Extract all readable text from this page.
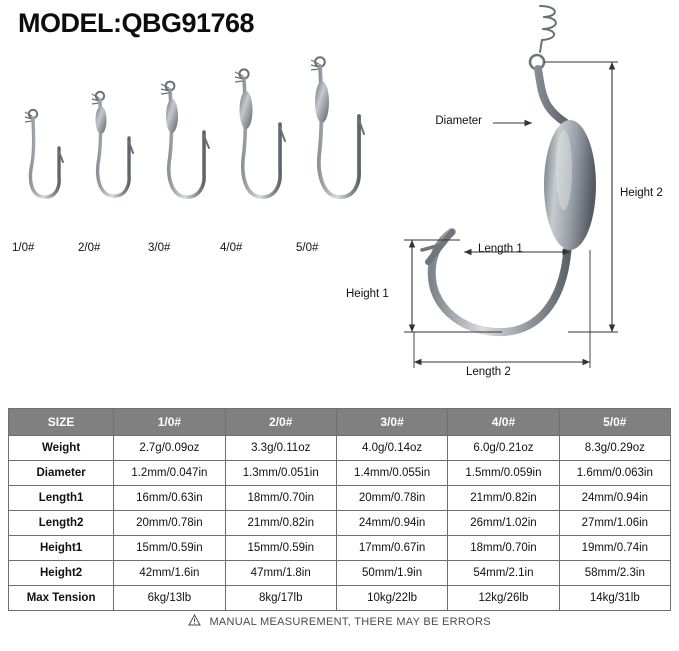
MODEL:QBG91768
1/0#	2/0#	3/0#	4/0#	5/0#
Diameter
Height 2
Height 1
Length 1
Length 2
SIZE	1/0#	2/0#	3/0#	4/0#	5/0#
Weight	2.7g/0.09oz	3.3g/0.11oz	4.0g/0.14oz	6.0g/0.21oz	8.3g/0.29oz
Diameter	1.2mm/0.047in	1.3mm/0.051in	1.4mm/0.055in	1.5mm/0.059in	1.6mm/0.063in
Length1	16mm/0.63in	18mm/0.70in	20mm/0.78in	21mm/0.82in	24mm/0.94in
Length2	20mm/0.78in	21mm/0.82in	24mm/0.94in	26mm/1.02in	27mm/1.06in
Height1	15mm/0.59in	15mm/0.59in	17mm/0.67in	18mm/0.70in	19mm/0.74in
Height2	42mm/1.6in	47mm/1.8in	50mm/1.9in	54mm/2.1in	58mm/2.3in
Max Tension	6kg/13lb	8kg/17lb	10kg/22lb	12kg/26lb	14kg/31lb
MANUAL MEASUREMENT, THERE MAY BE ERRORS
